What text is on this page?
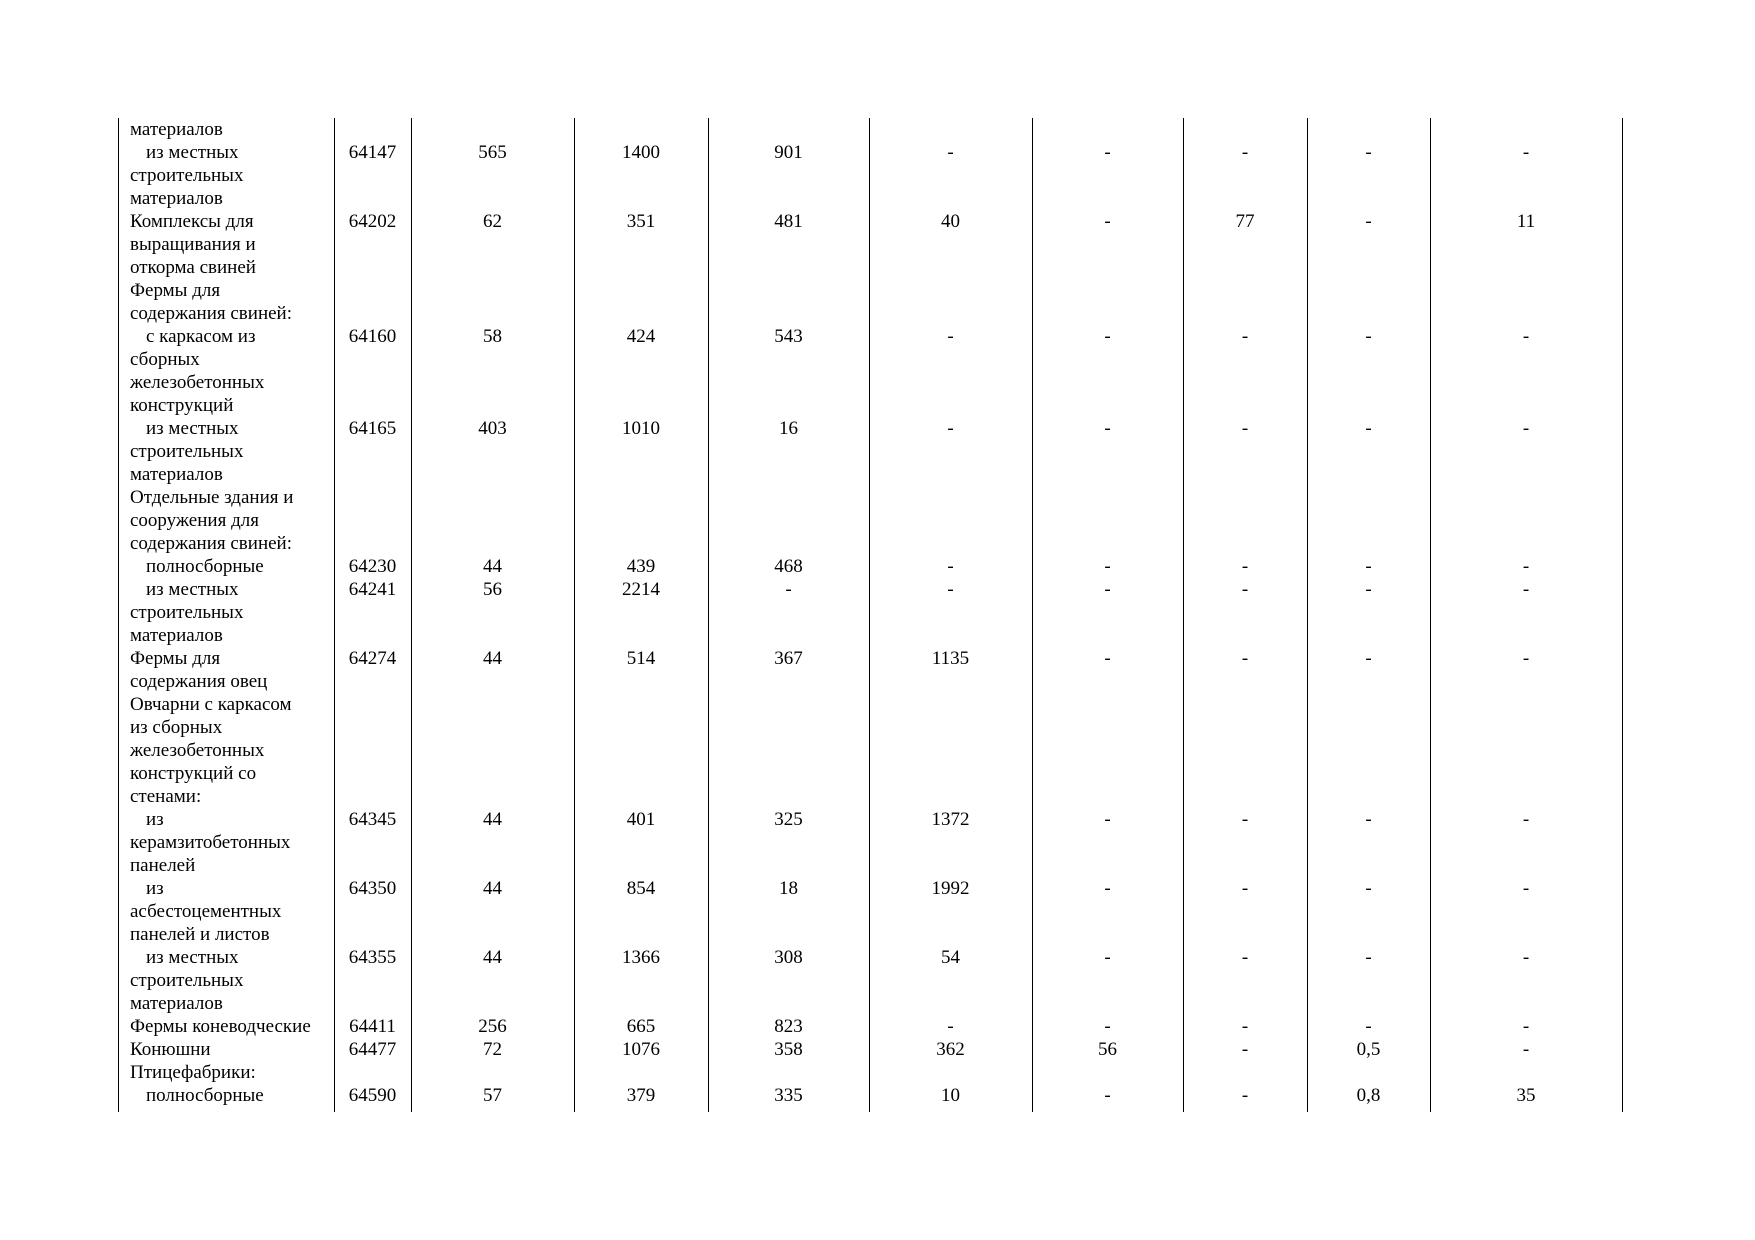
материалов
из местных
строительных
материалов
64147	565	1400	901	-	-	-	-	-
Комплексы для
выращивания и
откорма свиней
64202	62	351	481	40	-	77	-	11
Фермы для
содержания свиней:
с каркасом из
сборных
железобетонных
конструкций
64160	58	424	543	-	-	-	-	-
из местных
строительных
материалов
64165	403	1010	16	-	-	-	-	-
Отдельные здания и
сооружения для
содержания свиней:
полносборные	64230	44	439	468	-	-	-	-	-
из местных
строительных
материалов
64241	56	2214	-	-	-	-	-	-
Фермы для
содержания овец
64274	44	514	367	1135	-	-	-	-
Овчарни с каркасом
из сборных
железобетонных
конструкций со
стенами:
из
керамзитобетонных
панелей
64345	44	401	325	1372	-	-	-	-
из
асбестоцементных
панелей и листов
64350	44	854	18	1992	-	-	-	-
из местных
строительных
материалов
64355	44	1366	308	54	-	-	-	-
Фермы коневодческие	64411	256	665	823	-	-	-	-	-
Конюшни	64477	72	1076	358	362	56	-	0,5	-
Птицефабрики:
полносборные	64590	57	379	335	10	-	-	0,8	35
